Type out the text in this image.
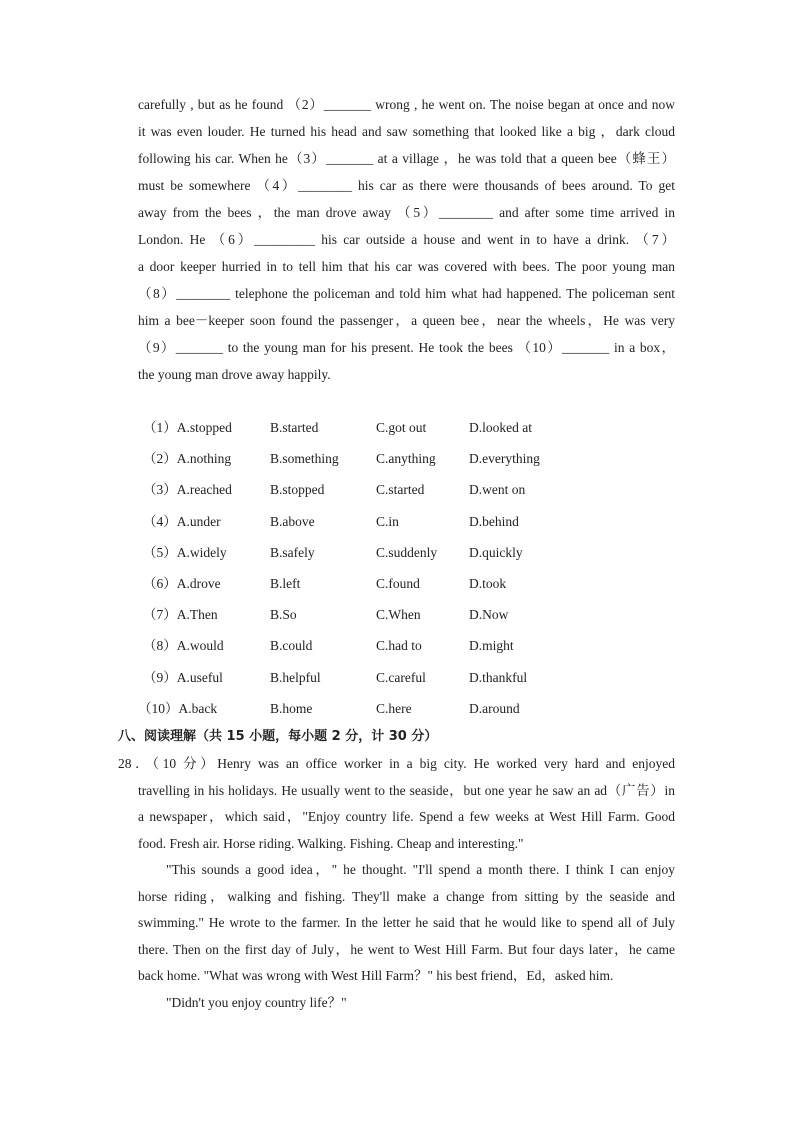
carefully , but as he found （2）_______ wrong , he went on. The noise began at once and now
it was even louder. He turned his head and saw something that looked like a big ，dark cloud
following his car. When he（3）_______ at a village ，he was told that a queen bee（蜂王）
must be somewhere （4）________ his car as there were thousands of bees around. To get
away from the bees ，the man drove away （5）________ and after some time arrived in
London. He （6）_________ his car outside a house and went in to have a drink. （7）
a door keeper hurried in to tell him that his car was covered with bees. The poor young man
（8）________ telephone the policeman and told him what had happened. The policeman sent
him a bee－keeper soon found the passenger，a queen bee，near the wheels，He was very
（9）_______ to the young man for his present. He took the bees （10）_______ in a box，
the young man drove away happily.
（1）A.stopped	B.started	C.got out	D.looked at
（2）A.nothing	B.something	C.anything D.everything
（3）A.reached	B.stopped	C.started	D.went on
（4）A.under	B.above	C.in	D.behind
（5）A.widely	B.safely	C.suddenly D.quickly
（6）A.drove	B.left	C.found	D.took
（7）A.Then	B.So	C.When	D.Now
（8）A.would	B.could	C.had to	D.might
（9）A.useful	B.helpful	C.careful	D.thankful
（10）A.back	B.home	C.here	D.around
八、阅读理解（共 15 小题，每小题 2 分，计 30 分）
28．（10 分）Henry was an office worker in a big city. He worked very hard and enjoyed
travelling in his holidays. He usually went to the seaside，but one year he saw an ad（广告）in
a newspaper，which said，"Enjoy country life. Spend a few weeks at West Hill Farm. Good
food. Fresh air. Horse riding. Walking. Fishing. Cheap and interesting."
"This sounds a good idea，" he thought. "I'll spend a month there. I think I can enjoy
horse riding，walking and fishing. They'll make a change from sitting by the seaside and
swimming." He wrote to the farmer. In the letter he said that he would like to spend all of July
there. Then on the first day of July，he went to West Hill Farm. But four days later，he came
back home. "What was wrong with West Hill Farm？" his best friend，Ed，asked him.
"Didn't you enjoy country life？"
